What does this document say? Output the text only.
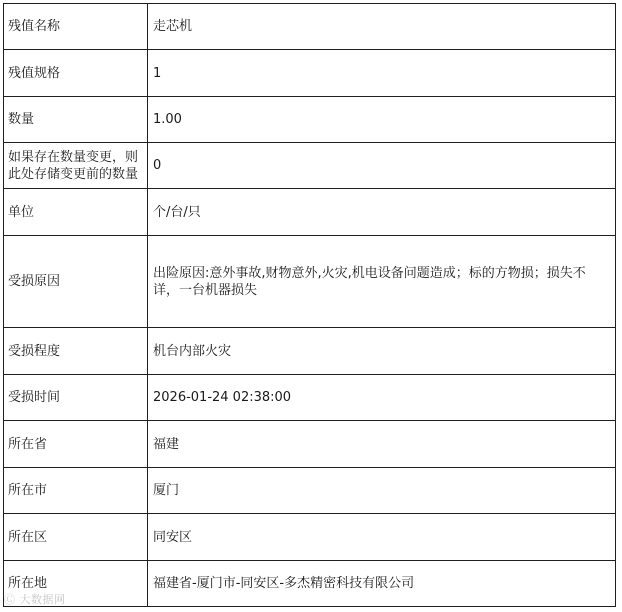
残值名称	走芯机
残值规格	1
数量	1.00
如果存在数量变更，则此处存储变更前的数量	0
单位	个/台/只
受损原因	出险原因:意外事故,财物意外,火灾,机电设备问题造成；标的方物损；损失不详，一台机器损失
受损程度	机台内部火灾
受损时间	2026-01-24 02:38:00
所在省	福建
所在市	厦门
所在区	同安区
所在地	福建省-厦门市-同安区-多杰精密科技有限公司
Ⓒ 大数据网
